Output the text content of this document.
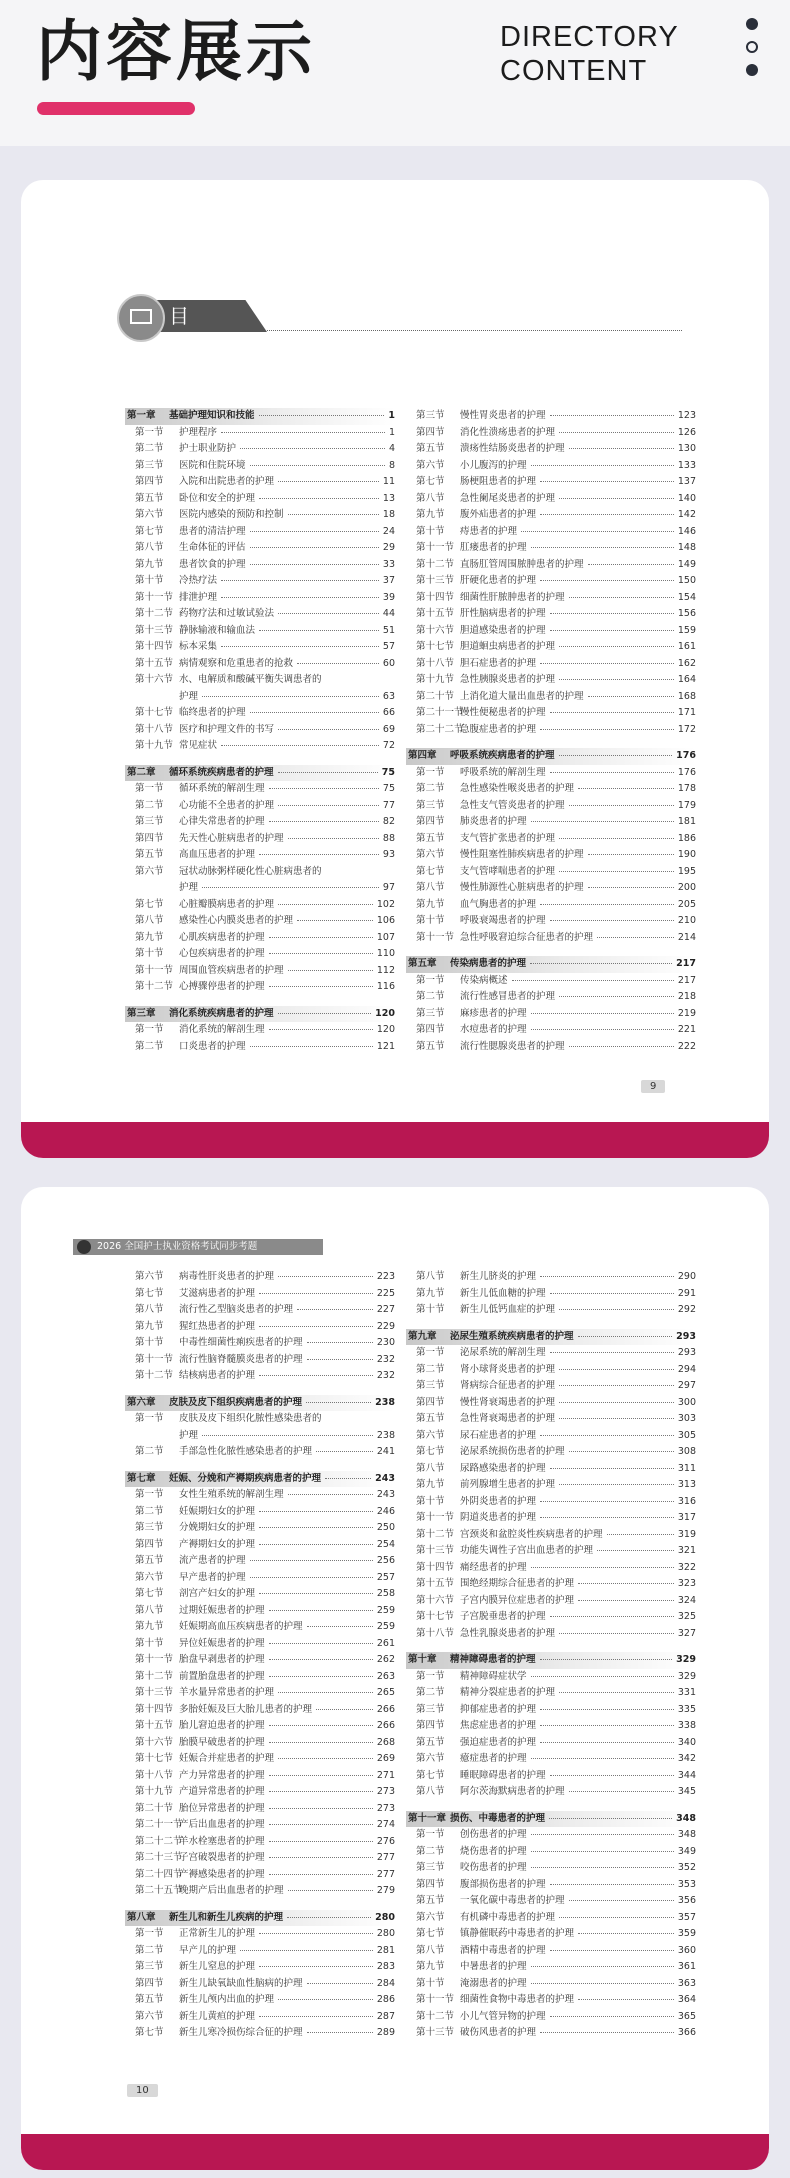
内容展示	DIRECTORY
CONTENT
目 录
第一章 基础护理知识和技能	1
第一节 护理程序	1
第二节 护士职业防护	4
第三节 医院和住院环境	8
第四节 入院和出院患者的护理	11
第五节 卧位和安全的护理	13
第六节 医院内感染的预防和控制	18
第七节 患者的清洁护理	24
第八节 生命体征的评估	29
第九节 患者饮食的护理	33
第十节 冷热疗法	37
第十一节 排泄护理	39
第十二节 药物疗法和过敏试验法	44
第十三节 静脉输液和输血法	51
第十四节 标本采集	57
第十五节 病情观察和危重患者的抢救	60
第十六节 水、电解质和酸碱平衡失调患者的
护理	63
第十七节 临终患者的护理	66
第十八节 医疗和护理文件的书写	69
第十九节 常见症状	72
第二章 循环系统疾病患者的护理	75
第一节 循环系统的解剖生理	75
第二节 心功能不全患者的护理	77
第三节 心律失常患者的护理	82
第四节 先天性心脏病患者的护理	88
第五节 高血压患者的护理	93
第六节 冠状动脉粥样硬化性心脏病患者的
护理	97
第七节 心脏瓣膜病患者的护理	102
第八节 感染性心内膜炎患者的护理	106
第九节 心肌疾病患者的护理	107
第十节 心包疾病患者的护理	110
第十一节 周围血管疾病患者的护理	112
第十二节 心搏骤停患者的护理	116
第三章 消化系统疾病患者的护理	120
第一节 消化系统的解剖生理	120
第二节 口炎患者的护理	121
第三节 慢性胃炎患者的护理	123
第四节 消化性溃疡患者的护理	126
第五节 溃疡性结肠炎患者的护理	130
第六节 小儿腹泻的护理	133
第七节 肠梗阻患者的护理	137
第八节 急性阑尾炎患者的护理	140
第九节 腹外疝患者的护理	142
第十节 痔患者的护理	146
第十一节 肛瘘患者的护理	148
第十二节 直肠肛管周围脓肿患者的护理	149
第十三节 肝硬化患者的护理	150
第十四节 细菌性肝脓肿患者的护理	154
第十五节 肝性脑病患者的护理	156
第十六节 胆道感染患者的护理	159
第十七节 胆道蛔虫病患者的护理	161
第十八节 胆石症患者的护理	162
第十九节 急性胰腺炎患者的护理	164
第二十节 上消化道大量出血患者的护理	168
第二十一节
慢性便秘患者的护理	171
第二十二节
急腹症患者的护理	172
第四章 呼吸系统疾病患者的护理	176
第一节 呼吸系统的解剖生理	176
第二节 急性感染性喉炎患者的护理	178
第三节 急性支气管炎患者的护理	179
第四节 肺炎患者的护理	181
第五节 支气管扩张患者的护理	186
第六节 慢性阻塞性肺疾病患者的护理	190
第七节 支气管哮喘患者的护理	195
第八节 慢性肺源性心脏病患者的护理	200
第九节 血气胸患者的护理	205
第十节 呼吸衰竭患者的护理	210
第十一节 急性呼吸窘迫综合征患者的护理	214
第五章 传染病患者的护理	217
第一节 传染病概述	217
第二节 流行性感冒患者的护理	218
第三节 麻疹患者的护理	219
第四节 水痘患者的护理	221
第五节 流行性腮腺炎患者的护理	222
9
2026 全国护士执业资格考试同步考题
第六节 病毒性肝炎患者的护理	223
第七节 艾滋病患者的护理	225
第八节 流行性乙型脑炎患者的护理	227
第九节 猩红热患者的护理	229
第十节 中毒性细菌性痢疾患者的护理	230
第十一节 流行性脑脊髓膜炎患者的护理	232
第十二节 结核病患者的护理	232
第六章 皮肤及皮下组织疾病患者的护理	238
第一节 皮肤及皮下组织化脓性感染患者的
护理	238
第二节 手部急性化脓性感染患者的护理	241
第七章 妊娠、分娩和产褥期疾病患者的护理	243
第一节 女性生殖系统的解剖生理	243
第二节 妊娠期妇女的护理	246
第三节 分娩期妇女的护理	250
第四节 产褥期妇女的护理	254
第五节 流产患者的护理	256
第六节 早产患者的护理	257
第七节 剖宫产妇女的护理	258
第八节 过期妊娠患者的护理	259
第九节 妊娠期高血压疾病患者的护理	259
第十节 异位妊娠患者的护理	261
第十一节 胎盘早剥患者的护理	262
第十二节 前置胎盘患者的护理	263
第十三节 羊水量异常患者的护理	265
第十四节 多胎妊娠及巨大胎儿患者的护理	266
第十五节 胎儿窘迫患者的护理	266
第十六节 胎膜早破患者的护理	268
第十七节 妊娠合并症患者的护理	269
第十八节 产力异常患者的护理	271
第十九节 产道异常患者的护理	273
第二十节 胎位异常患者的护理	273
第二十一节
产后出血患者的护理	274
第二十二节
羊水栓塞患者的护理	276
第二十三节
子宫破裂患者的护理	277
第二十四节
产褥感染患者的护理	277
第二十五节
晚期产后出血患者的护理	279
第八章 新生儿和新生儿疾病的护理	280
第一节 正常新生儿的护理	280
第二节 早产儿的护理	281
第三节 新生儿窒息的护理	283
第四节 新生儿缺氧缺血性脑病的护理	284
第五节 新生儿颅内出血的护理	286
第六节 新生儿黄疸的护理	287
第七节 新生儿寒冷损伤综合征的护理	289
第八节 新生儿脐炎的护理	290
第九节 新生儿低血糖的护理	291
第十节 新生儿低钙血症的护理	292
第九章 泌尿生殖系统疾病患者的护理	293
第一节 泌尿系统的解剖生理	293
第二节 肾小球肾炎患者的护理	294
第三节 肾病综合征患者的护理	297
第四节 慢性肾衰竭患者的护理	300
第五节 急性肾衰竭患者的护理	303
第六节 尿石症患者的护理	305
第七节 泌尿系统损伤患者的护理	308
第八节 尿路感染患者的护理	311
第九节 前列腺增生患者的护理	313
第十节 外阴炎患者的护理	316
第十一节 阴道炎患者的护理	317
第十二节 宫颈炎和盆腔炎性疾病患者的护理	319
第十三节 功能失调性子宫出血患者的护理	321
第十四节 痛经患者的护理	322
第十五节 围绝经期综合征患者的护理	323
第十六节 子宫内膜异位症患者的护理	324
第十七节 子宫脱垂患者的护理	325
第十八节 急性乳腺炎患者的护理	327
第十章 精神障碍患者的护理	329
第一节 精神障碍症状学	329
第二节 精神分裂症患者的护理	331
第三节 抑郁症患者的护理	335
第四节 焦虑症患者的护理	338
第五节 强迫症患者的护理	340
第六节 癔症患者的护理	342
第七节 睡眠障碍患者的护理	344
第八节 阿尔茨海默病患者的护理	345
第十一章 损伤、中毒患者的护理	348
第一节 创伤患者的护理	348
第二节 烧伤患者的护理	349
第三节 咬伤患者的护理	352
第四节 腹部损伤患者的护理	353
第五节 一氧化碳中毒患者的护理	356
第六节 有机磷中毒患者的护理	357
第七节 镇静催眠药中毒患者的护理	359
第八节 酒精中毒患者的护理	360
第九节 中暑患者的护理	361
第十节 淹溺患者的护理	363
第十一节 细菌性食物中毒患者的护理	364
第十二节 小儿气管异物的护理	365
第十三节 破伤风患者的护理	366
10
